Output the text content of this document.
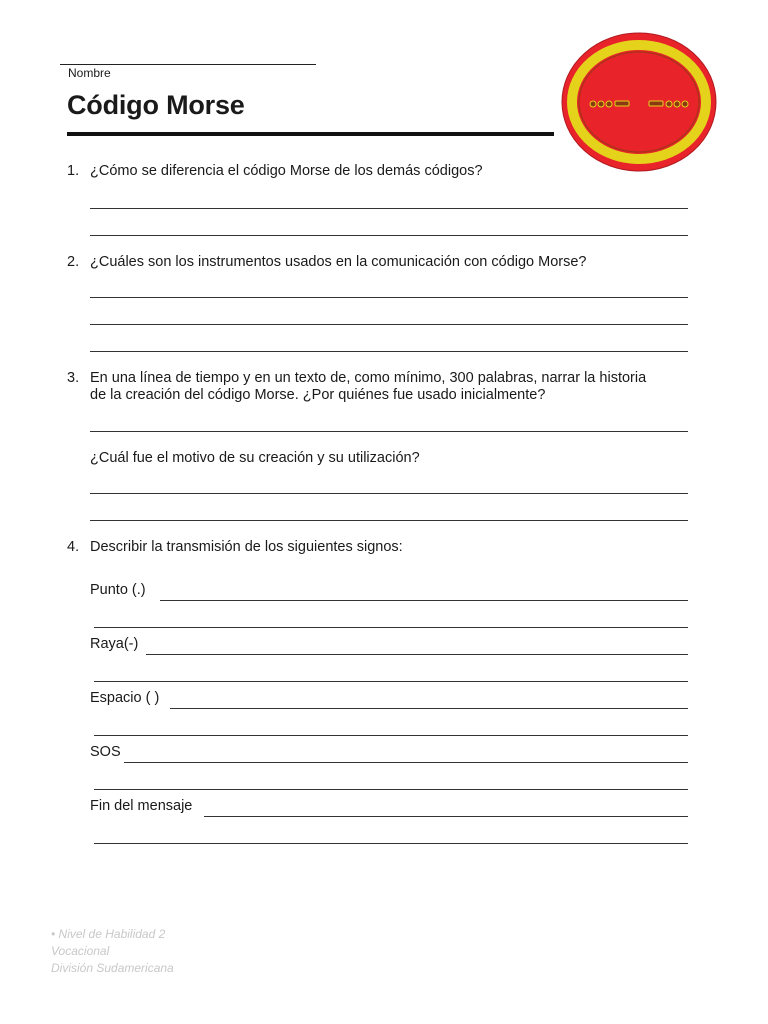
Nombre
Código Morse
1. ¿Cómo se diferencia el código Morse de los demás códigos?
2. ¿Cuáles son los instrumentos usados en la comunicación con código Morse?
3. En una línea de tiempo y en un texto de, como mínimo, 300 palabras, narrar la historia
de la creación del código Morse. ¿Por quiénes fue usado inicialmente?
¿Cuál fue el motivo de su creación y su utilización?
4. Describir la transmisión de los siguientes signos:
Punto (.)
Raya(-)
Espacio ( )
SOS
Fin del mensaje
• Nivel de Habilidad 2
Vocacional
División Sudamericana
